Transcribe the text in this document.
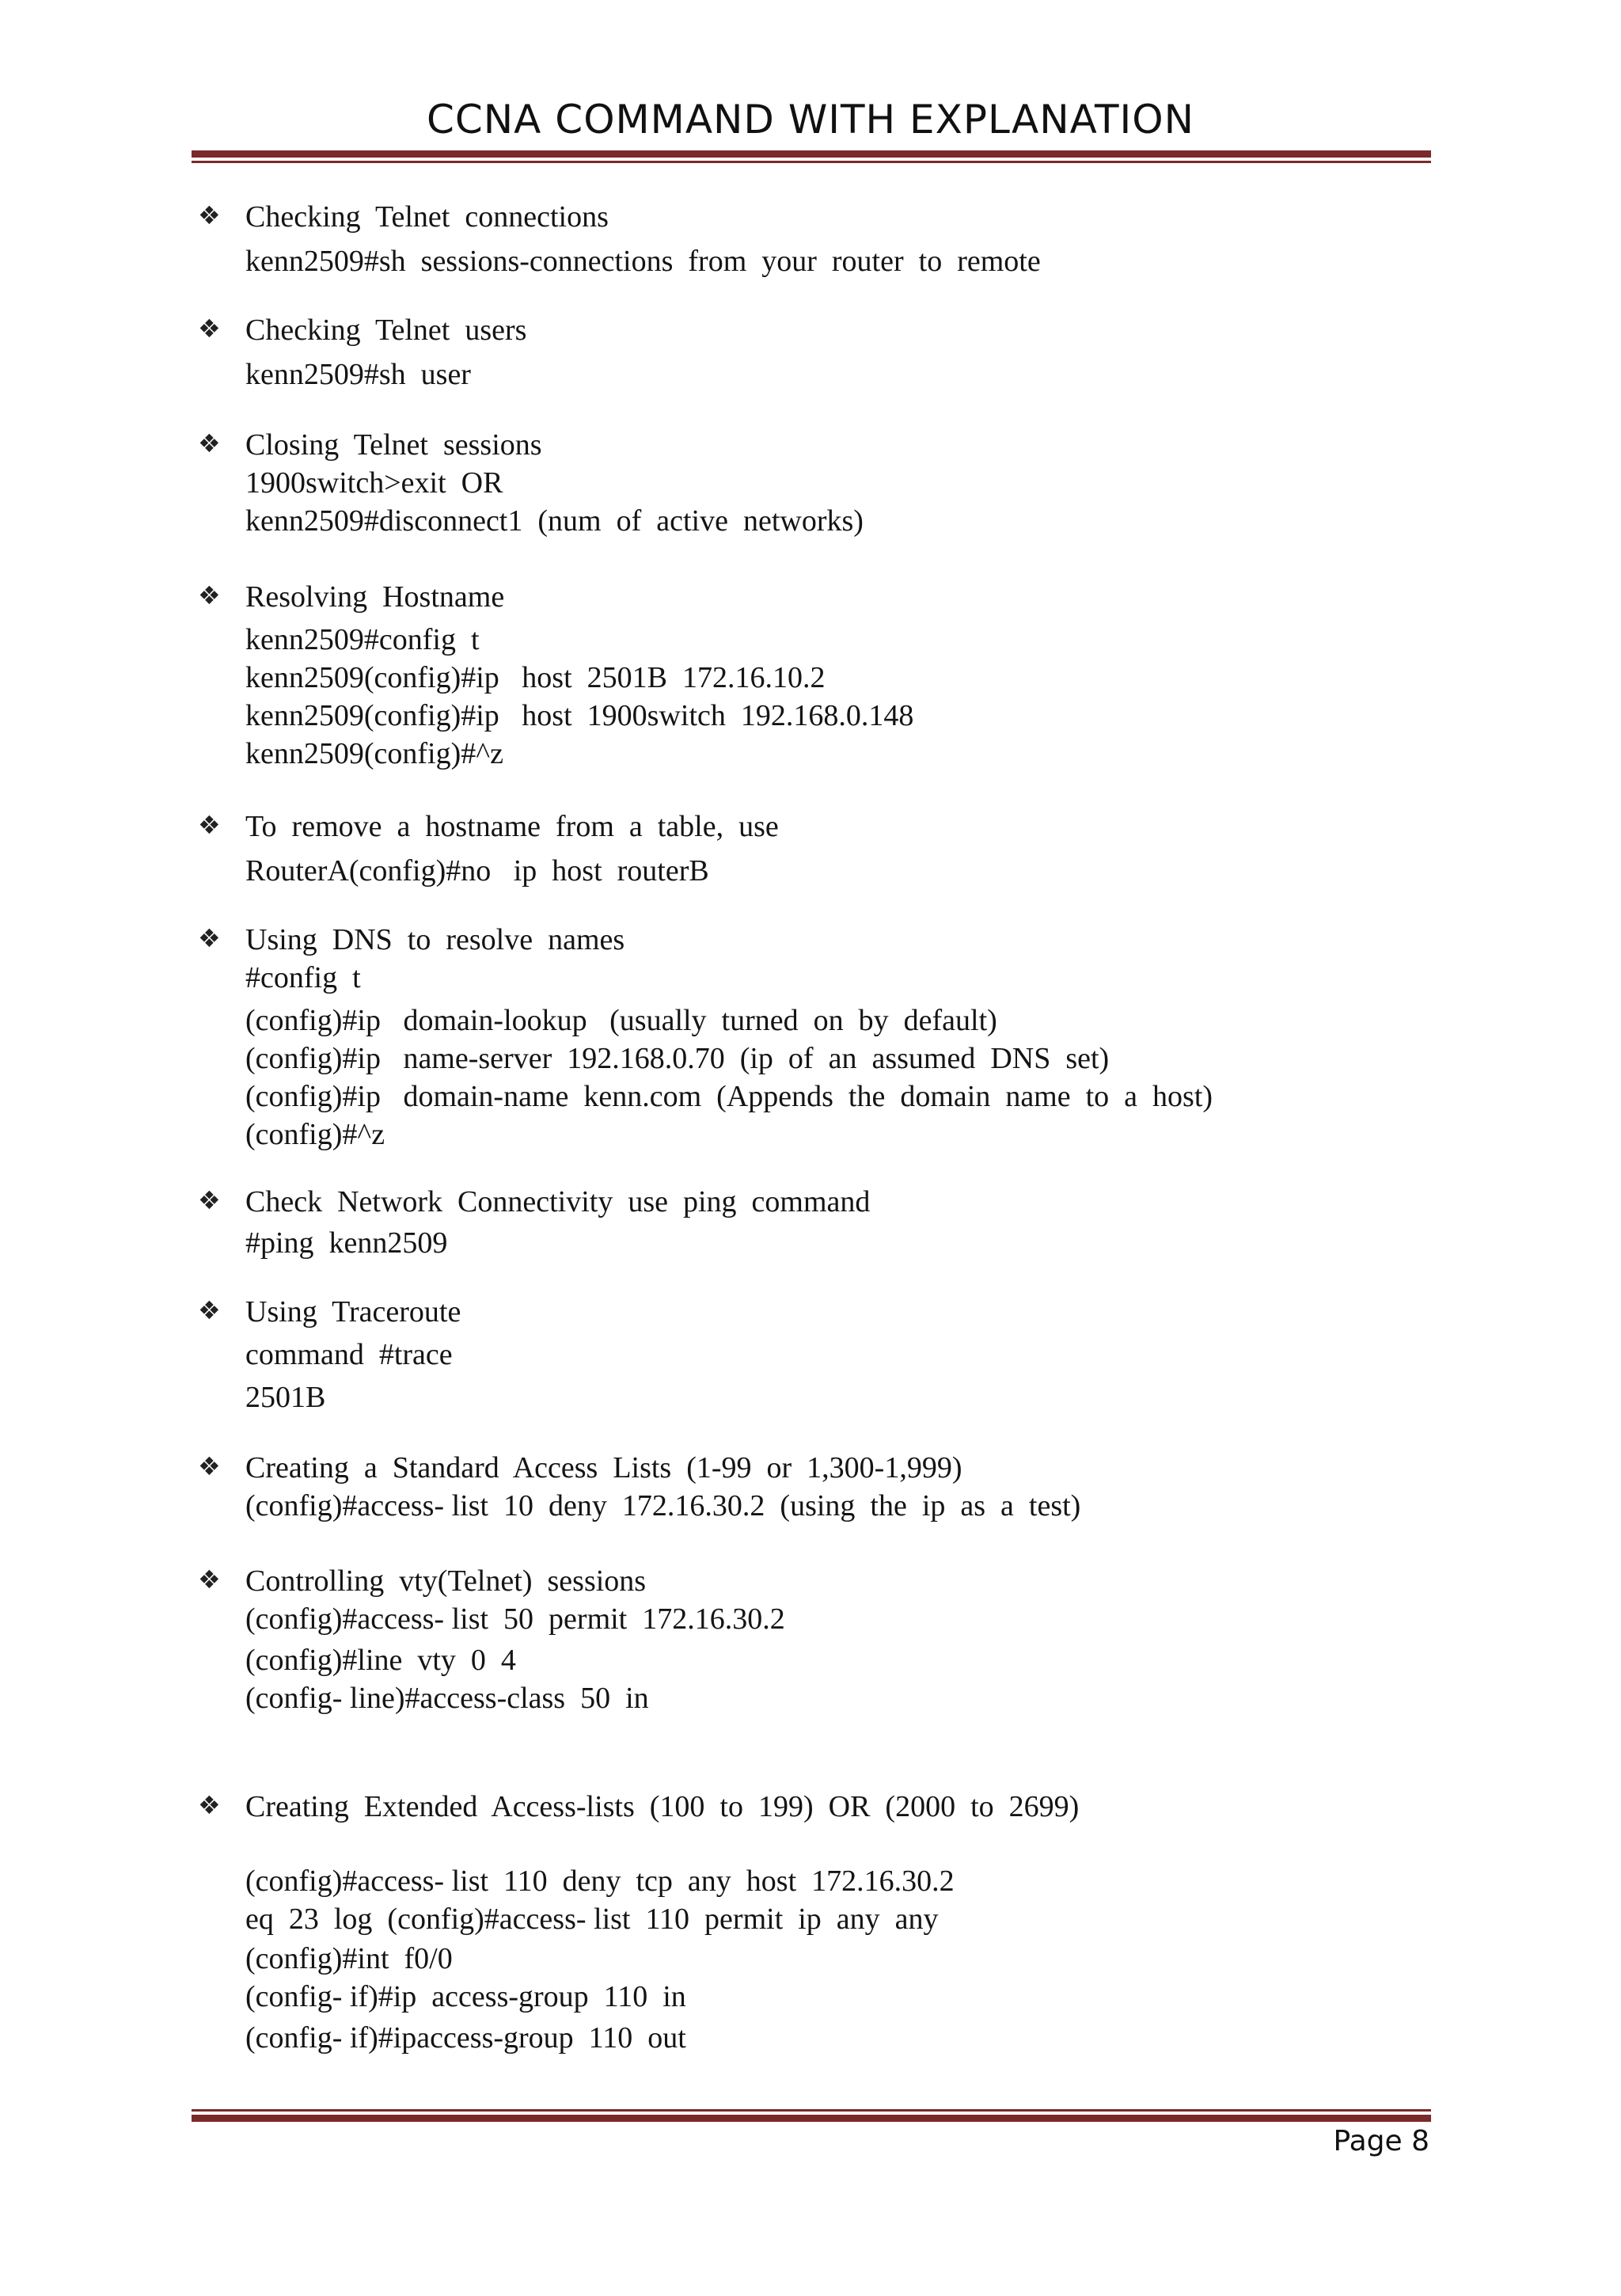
CCNA COMMAND WITH EXPLANATION
❖ Checking  Telnet  connections
kenn2509#sh  sessions-connections  from  your  router  to  remote
❖ Checking  Telnet  users
kenn2509#sh  user
❖ Closing  Telnet  sessions
1900switch>exit  OR
kenn2509#disconnect1  (num  of  active  networks)
❖ Resolving  Hostname
kenn2509#config  t
kenn2509(config)#ip   host  2501B  172.16.10.2
kenn2509(config)#ip   host  1900switch  192.168.0.148
kenn2509(config)#^z
❖ To  remove  a  hostname  from  a  table,  use
RouterA(config)#no   ip  host  routerB
❖ Using  DNS  to  resolve  names
#config  t
(config)#ip   domain-lookup   (usually  turned  on  by  default)
(config)#ip   name-server  192.168.0.70  (ip  of  an  assumed  DNS  set)
(config)#ip   domain-name  kenn.com  (Appends  the  domain  name  to  a  host)
(config)#^z
❖ Check  Network  Connectivity  use  ping  command
#ping  kenn2509
❖ Using  Traceroute
command  #trace
2501B
❖ Creating  a  Standard  Access  Lists  (1-99  or  1,300-1,999)
(config)#access- list  10  deny  172.16.30.2  (using  the  ip  as  a  test)
❖ Controlling  vty(Telnet)  sessions
(config)#access- list  50  permit  172.16.30.2
(config)#line  vty  0  4
(config- line)#access-class  50  in
❖ Creating  Extended  Access-lists  (100  to  199)  OR  (2000  to  2699)
(config)#access- list  110  deny  tcp  any  host  172.16.30.2
eq  23  log  (config)#access- list  110  permit  ip  any  any
(config)#int  f0/0
(config- if)#ip  access-group  110  in
(config- if)#ipaccess-group  110  out
Page 8
